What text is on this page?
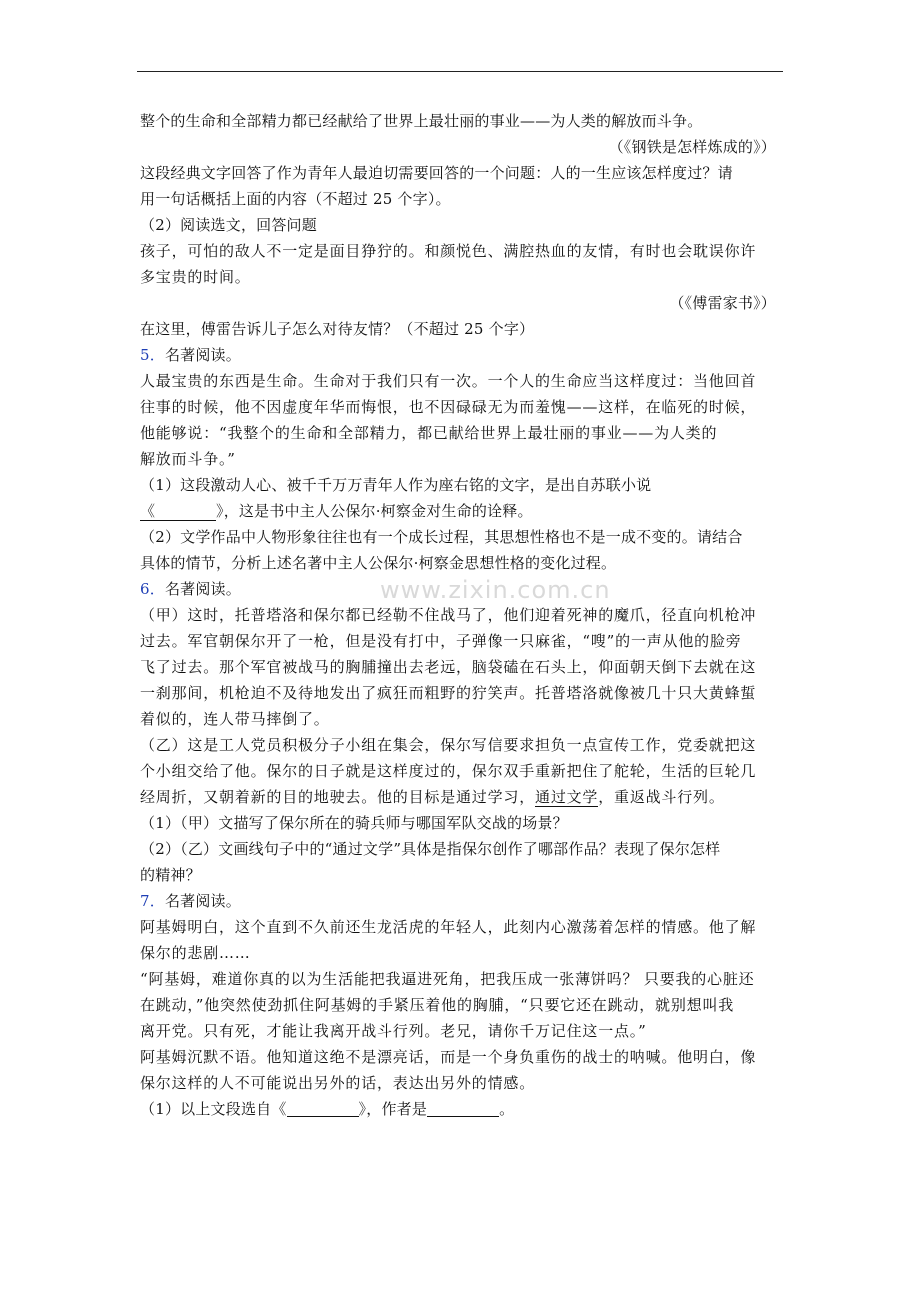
整个的生命和全部精力都已经献给了世界上最壮丽的事业——为人类的解放而斗争。
（《钢铁是怎样炼成的》）
这段经典文字回答了作为青年人最迫切需要回答的一个问题：人的一生应该怎样度过？请
用一句话概括上面的内容（不超过 25 个字）。
（2）阅读选文，回答问题
孩子，可怕的敌人不一定是面目狰狞的。和颜悦色、满腔热血的友情，有时也会耽误你许
多宝贵的时间。
（《傅雷家书》）
在这里，傅雷告诉儿子怎么对待友情？（不超过 25 个字）
5．名著阅读。
人最宝贵的东西是生命。生命对于我们只有一次。一个人的生命应当这样度过：当他回首
往事的时候，他不因虚度年华而悔恨，也不因碌碌无为而羞愧——这样，在临死的时候，
他能够说：“我整个的生命和全部精力，都已献给世界上最壮丽的事业——为人类的
解放而斗争。”
（1）这段激动人心、被千千万万青年人作为座右铭的文字，是出自苏联小说
《    	》，这是书中主人公保尔·柯察金对生命的诠释。
（2）文学作品中人物形象往往也有一个成长过程，其思想性格也不是一成不变的。请结合
具体的情节，分析上述名著中主人公保尔·柯察金思想性格的变化过程。
6．名著阅读。
（甲）这时，托普塔洛和保尔都已经勒不住战马了，他们迎着死神的魔爪，径直向机枪冲
过去。军官朝保尔开了一枪，但是没有打中，子弹像一只麻雀，“嗖”的一声从他的脸旁
飞了过去。那个军官被战马的胸脯撞出去老远，脑袋磕在石头上，仰面朝天倒下去就在这
一刹那间，机枪迫不及待地发出了疯狂而粗野的狞笑声。托普塔洛就像被几十只大黄蜂蜇
着似的，连人带马摔倒了。
（乙）这是工人党员积极分子小组在集会，保尔写信要求担负一点宣传工作，党委就把这
个小组交给了他。保尔的日子就是这样度过的，保尔双手重新把住了舵轮，生活的巨轮几
经周折，又朝着新的目的地驶去。他的目标是通过学习，通过文学，重返战斗行列。
（1）（甲）文描写了保尔所在的骑兵师与哪国军队交战的场景？
（2）（乙）文画线句子中的“通过文学”具体是指保尔创作了哪部作品？表现了保尔怎样
的精神？
7．名著阅读。
阿基姆明白，这个直到不久前还生龙活虎的年轻人，此刻内心激荡着怎样的情感。他了解
保尔的悲剧……
“阿基姆，难道你真的以为生活能把我逼进死角，把我压成一张薄饼吗？ 只要我的心脏还
在跳动，”他突然使劲抓住阿基姆的手紧压着他的胸脯，“只要它还在跳动，就别想叫我
离开党。只有死，才能让我离开战斗行列。老兄，请你千万记住这一点。”
阿基姆沉默不语。他知道这绝不是漂亮话，而是一个身负重伤的战士的呐喊。他明白，像
保尔这样的人不可能说出另外的话，表达出另外的情感。
（1）以上文段选自《	》，作者是	。
www.zixin.com.cn
